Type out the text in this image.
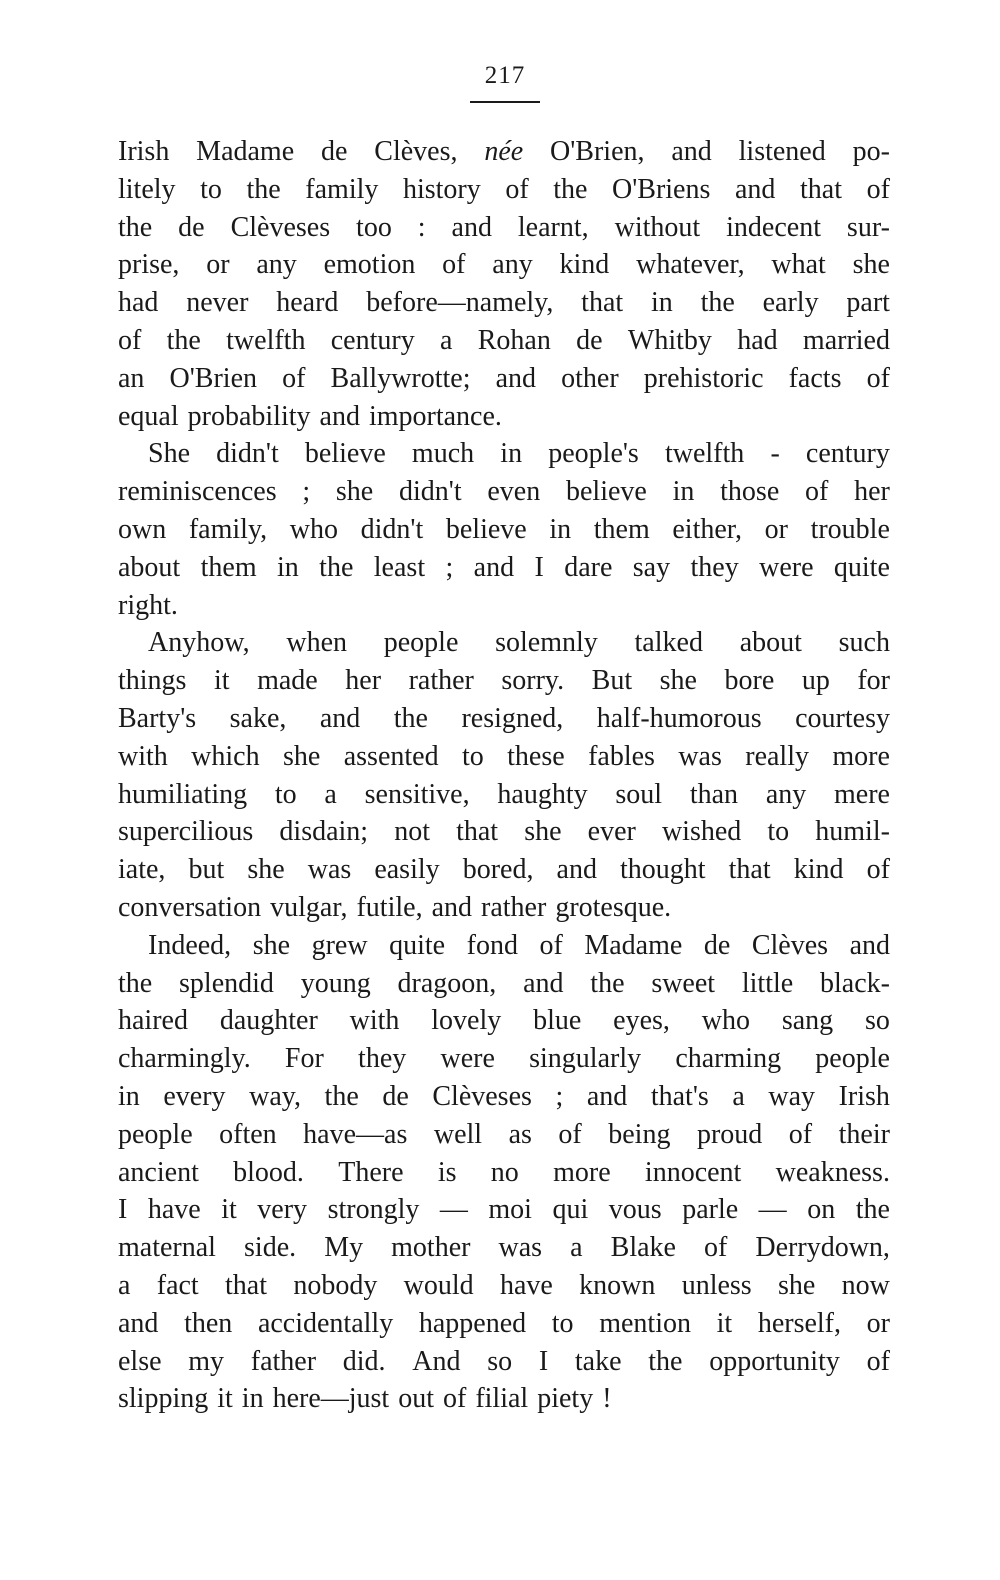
217
Irish Madame de Clèves, née O'Brien, and listened po-
litely to the family history of the O'Briens and that of
the de Clèveses too : and learnt, without indecent sur-
prise, or any emotion of any kind whatever, what she
had never heard before—namely, that in the early part
of the twelfth century a Rohan de Whitby had married
an O'Brien of Ballywrotte; and other prehistoric facts of
equal probability and importance.
She didn't believe much in people's twelfth - century
reminiscences ; she didn't even believe in those of her
own family, who didn't believe in them either, or trouble
about them in the least ; and I dare say they were quite
right.
Anyhow, when people solemnly talked about such
things it made her rather sorry. But she bore up for
Barty's sake, and the resigned, half-humorous courtesy
with which she assented to these fables was really more
humiliating to a sensitive, haughty soul than any mere
supercilious disdain; not that she ever wished to humil-
iate, but she was easily bored, and thought that kind of
conversation vulgar, futile, and rather grotesque.
Indeed, she grew quite fond of Madame de Clèves and
the splendid young dragoon, and the sweet little black-
haired daughter with lovely blue eyes, who sang so
charmingly. For they were singularly charming people
in every way, the de Clèveses ; and that's a way Irish
people often have—as well as of being proud of their
ancient blood. There is no more innocent weakness.
I have it very strongly — moi qui vous parle — on the
maternal side. My mother was a Blake of Derrydown,
a fact that nobody would have known unless she now
and then accidentally happened to mention it herself, or
else my father did. And so I take the opportunity of
slipping it in here—just out of filial piety !
